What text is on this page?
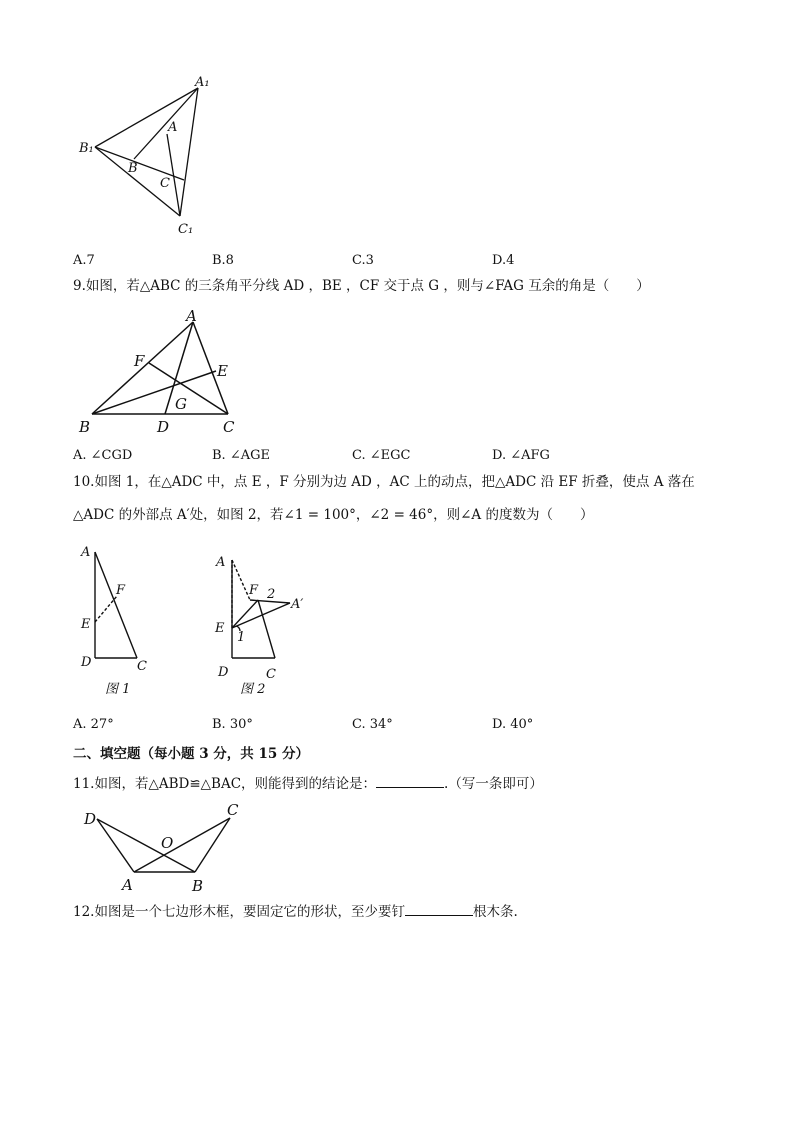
A₁
B₁
C₁
A
B
C
A.7	B.8	C.3	D.4
9.如图，若△ABC 的三条角平分线 AD ，BE ，CF 交于点 G ，则与∠FAG 互余的角是（　　）
A
F
E
G
B	D	C
A. ∠CGD	B. ∠AGE	C. ∠EGC	D. ∠AFG
10.如图 1，在△ADC 中，点 E ，F 分别为边 AD ，AC 上的动点，把△ADC 沿 EF 折叠，使点 A 落在
△ADC 的外部点 A′处，如图 2，若∠1 = 100°，∠2 = 46°，则∠A 的度数为（　　）
A
F
E
D	C
图 1
A
F 2
A′
E
1
D	C
图 2
A. 27°	B. 30°	C. 34°	D. 40°
二、填空题（每小题 3 分，共 15 分）
11.如图，若△ABD≌△BAC，则能得到的结论是：	.（写一条即可）
D	C
O
A	B
12.如图是一个七边形木框，要固定它的形状，至少要钉	根木条.
